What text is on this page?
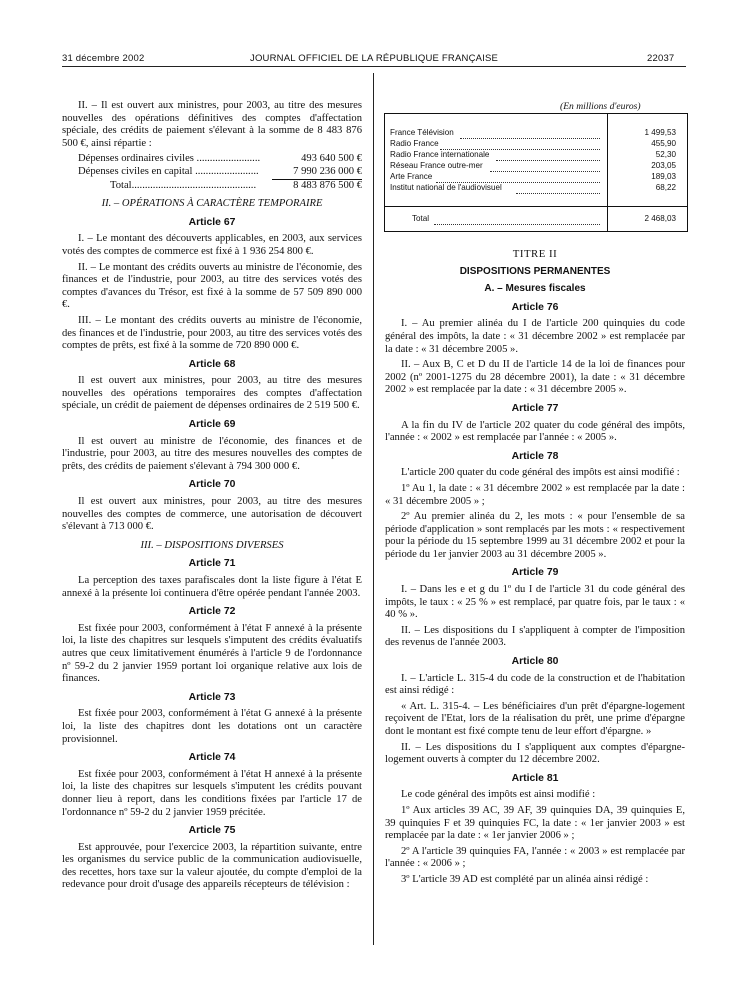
31 décembre 2002	JOURNAL OFFICIEL DE LA RÉPUBLIQUE FRANÇAISE	22037

II. – Il est ouvert aux ministres, pour 2003, au titre des mesures nouvelles des opérations définitives des comptes d'affectation spéciale, des crédits de paiement s'élevant à la somme de 8 483 876 500 €, ainsi répartie :

Dépenses ordinaires civiles ........................	493 640 500 €
Dépenses civiles en capital ........................	7 990 236 000 €
Total...............................................	8 483 876 500 €
II. – OPÉRATIONS À CARACTÈRE TEMPORAIRE
Article 67

I. – Le montant des découverts applicables, en 2003, aux services votés des comptes de commerce est fixé à 1 936 254 800 €.

II. – Le montant des crédits ouverts au ministre de l'économie, des finances et de l'industrie, pour 2003, au titre des services votés des comptes d'avances du Trésor, est fixé à la somme de 57 509 890 000 €.

III. – Le montant des crédits ouverts au ministre de l'économie, des finances et de l'industrie, pour 2003, au titre des services votés des comptes de prêts, est fixé à la somme de 720 890 000 €.

Article 68

Il est ouvert aux ministres, pour 2003, au titre des mesures nouvelles des opérations temporaires des comptes d'affectation spéciale, un crédit de paiement de dépenses ordinaires de 2 519 500 €.

Article 69

Il est ouvert au ministre de l'économie, des finances et de l'industrie, pour 2003, au titre des mesures nouvelles des comptes de prêts, des crédits de paiement s'élevant à 794 300 000 €.

Article 70

Il est ouvert aux ministres, pour 2003, au titre des mesures nouvelles des comptes de commerce, une autorisation de découvert s'élevant à 713 000 €.

III. – DISPOSITIONS DIVERSES
Article 71

La perception des taxes parafiscales dont la liste figure à l'état E annexé à la présente loi continuera d'être opérée pendant l'année 2003.

Article 72

Est fixée pour 2003, conformément à l'état F annexé à la présente loi, la liste des chapitres sur lesquels s'imputent des crédits évaluatifs autres que ceux limitativement énumérés à l'article 9 de l'ordonnance nº 59-2 du 2 janvier 1959 portant loi organique relative aux lois de finances.

Article 73

Est fixée pour 2003, conformément à l'état G annexé à la présente loi, la liste des chapitres dont les dotations ont un caractère provisionnel.

Article 74

Est fixée pour 2003, conformément à l'état H annexé à la présente loi, la liste des chapitres sur lesquels s'imputent les crédits pouvant donner lieu à report, dans les conditions fixées par l'article 17 de l'ordonnance nº 59-2 du 2 janvier 1959 précitée.

Article 75

Est approuvée, pour l'exercice 2003, la répartition suivante, entre les organismes du service public de la communication audiovisuelle, des recettes, hors taxe sur la valeur ajoutée, du compte d'emploi de la redevance pour droit d'usage des appareils récepteurs de télévision :

(En millions d'euros)
France Télévision	1 499,53
Radio France	455,90
Radio France internationale	52,30
Réseau France outre-mer	203,05
Arte France	189,03
Institut national de l'audiovisuel	68,22
Total	2 468,03
TITRE II
DISPOSITIONS PERMANENTES
A. – Mesures fiscales
Article 76

I. – Au premier alinéa du I de l'article 200 quinquies du code général des impôts, la date : « 31 décembre 2002 » est remplacée par la date : « 31 décembre 2005 ».

II. – Aux B, C et D du II de l'article 14 de la loi de finances pour 2002 (nº 2001-1275 du 28 décembre 2001), la date : « 31 décembre 2002 » est remplacée par la date : « 31 décembre 2005 ».

Article 77

A la fin du IV de l'article 202 quater du code général des impôts, l'année : « 2002 » est remplacée par l'année : « 2005 ».

Article 78

L'article 200 quater du code général des impôts est ainsi modifié :

1º Au 1, la date : « 31 décembre 2002 » est remplacée par la date : « 31 décembre 2005 » ;

2º Au premier alinéa du 2, les mots : « pour l'ensemble de sa période d'application » sont remplacés par les mots : « respectivement pour la période du 15 septembre 1999 au 31 décembre 2002 et pour la période du 1er janvier 2003 au 31 décembre 2005 ».

Article 79

I. – Dans les e et g du 1º du I de l'article 31 du code général des impôts, le taux : « 25 % » est remplacé, par quatre fois, par le taux : « 40 % ».

II. – Les dispositions du I s'appliquent à compter de l'imposition des revenus de l'année 2003.

Article 80

I. – L'article L. 315-4 du code de la construction et de l'habitation est ainsi rédigé :

« Art. L. 315-4. – Les bénéficiaires d'un prêt d'épargne-logement reçoivent de l'Etat, lors de la réalisation du prêt, une prime d'épargne dont le montant est fixé compte tenu de leur effort d'épargne. »

II. – Les dispositions du I s'appliquent aux comptes d'épargne-logement ouverts à compter du 12 décembre 2002.

Article 81

Le code général des impôts est ainsi modifié :

1º Aux articles 39 AC, 39 AF, 39 quinquies DA, 39 quinquies E, 39 quinquies F et 39 quinquies FC, la date : « 1er janvier 2003 » est remplacée par la date : « 1er janvier 2006 » ;

2º A l'article 39 quinquies FA, l'année : « 2003 » est remplacée par l'année : « 2006 » ;

3º L'article 39 AD est complété par un alinéa ainsi rédigé :
